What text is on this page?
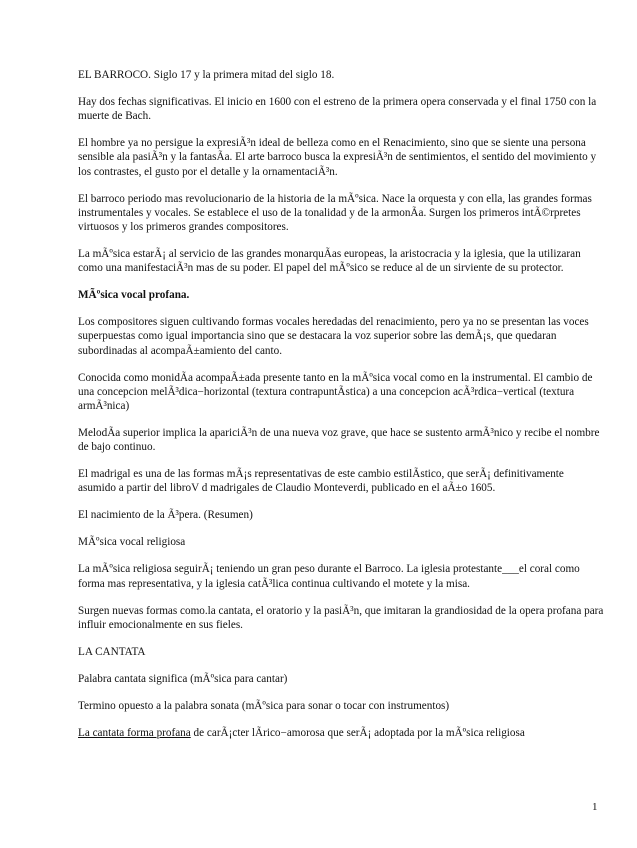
EL BARROCO. Siglo 17 y la primera mitad del siglo 18.

Hay dos fechas significativas. El inicio en 1600 con el estreno de la primera opera conservada y el final 1750 con la muerte de Bach.

El hombre ya no persigue la expresiÃ³n ideal de belleza como en el Renacimiento, sino que se siente una persona sensible ala pasiÃ³n y la fantasÃa. El arte barroco busca la expresiÃ³n de sentimientos, el sentido del movimiento y los contrastes, el gusto por el detalle y la ornamentaciÃ³n.

El barroco periodo mas revolucionario de la historia de la mÃºsica. Nace la orquesta y con ella, las grandes formas instrumentales y vocales. Se establece el uso de la tonalidad y de la armonÃa. Surgen los primeros intÃ©rpretes virtuosos y los primeros grandes compositores.

La mÃºsica estarÃ¡ al servicio de las grandes monarquÃas europeas, la aristocracia y la iglesia, que la utilizaran como una manifestaciÃ³n mas de su poder. El papel del mÃºsico se reduce al de un sirviente de su protector.

MÃºsica vocal profana.

Los compositores siguen cultivando formas vocales heredadas del renacimiento, pero ya no se presentan las voces superpuestas como igual importancia sino que se destacara la voz superior sobre las demÃ¡s, que quedaran subordinadas al acompaÃ±amiento del canto.

Conocida como monidÃa acompaÃ±ada presente tanto en la mÃºsica vocal como en la instrumental. El cambio de una concepcion melÃ³dica−horizontal (textura contrapuntÃstica) a una concepcion acÃ³rdica−vertical (textura armÃ³nica)

MelodÃa superior implica la apariciÃ³n de una nueva voz grave, que hace se sustento armÃ³nico y recibe el nombre de bajo continuo.

El madrigal es una de las formas mÃ¡s representativas de este cambio estilÃstico, que serÃ¡ definitivamente asumido a partir del libroV d madrigales de Claudio Monteverdi, publicado en el aÃ±o 1605.

El nacimiento de la Ã³pera. (Resumen)

MÃºsica vocal religiosa

La mÃºsica religiosa seguirÃ¡ teniendo un gran peso durante el Barroco. La iglesia protestante___el coral como forma mas representativa, y la iglesia catÃ³lica continua cultivando el motete y la misa.

Surgen nuevas formas como.la cantata, el oratorio y la pasiÃ³n, que imitaran la grandiosidad de la opera profana para influir emocionalmente en sus fieles.

LA CANTATA

Palabra cantata significa (mÃºsica para cantar)

Termino opuesto a la palabra sonata (mÃºsica para sonar o tocar con instrumentos)

La cantata forma profana de carÃ¡cter lÃrico−amorosa que serÃ¡ adoptada por la mÃºsica religiosa

1
